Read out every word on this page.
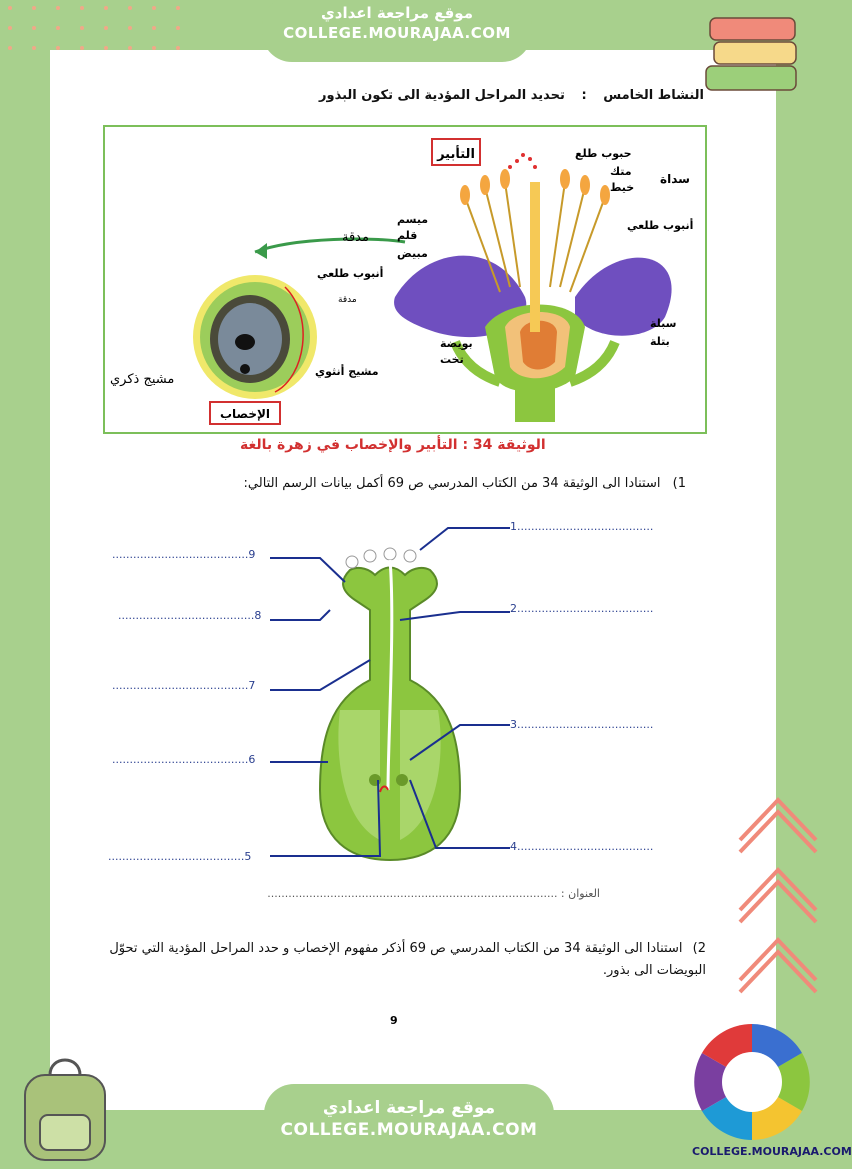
موقع مراجعة اعدادي
COLLEGE.MOURAJAA.COM
النشاط الخامس : تحديد المراحل المؤدية الى تكون البذور
التأبير	حبوب طلع
متك
خيط
سداة
أنبوب طلعي
ميسم
قلم
مدقة
مبيض
أنبوب طلعي
مدقة
سبلة
بتلة
بويضة
تخت
مشيج أنثوي
مشيج ذكري
الإخصاب
الوثيقة 34 : التأبير والإخصاب في زهرة بالغة
1) استنادا الى الوثيقة 34 من الكتاب المدرسي ص 69 أكمل بيانات الرسم التالي:
1.......................................
2.......................................
3.......................................
4.......................................
.......................................5
.......................................6
.......................................7
.......................................8
.......................................9
العنوان : ...................................................................................
2) استنادا الى الوثيقة 34 من الكتاب المدرسي ص 69 أذكر مفهوم الإخصاب و حدد المراحل المؤدية التي تحوّل البويضات الى بذور.
9
موقع مراجعة اعدادي
COLLEGE.MOURAJAA.COM
COLLEGE.MOURAJAA.COM
